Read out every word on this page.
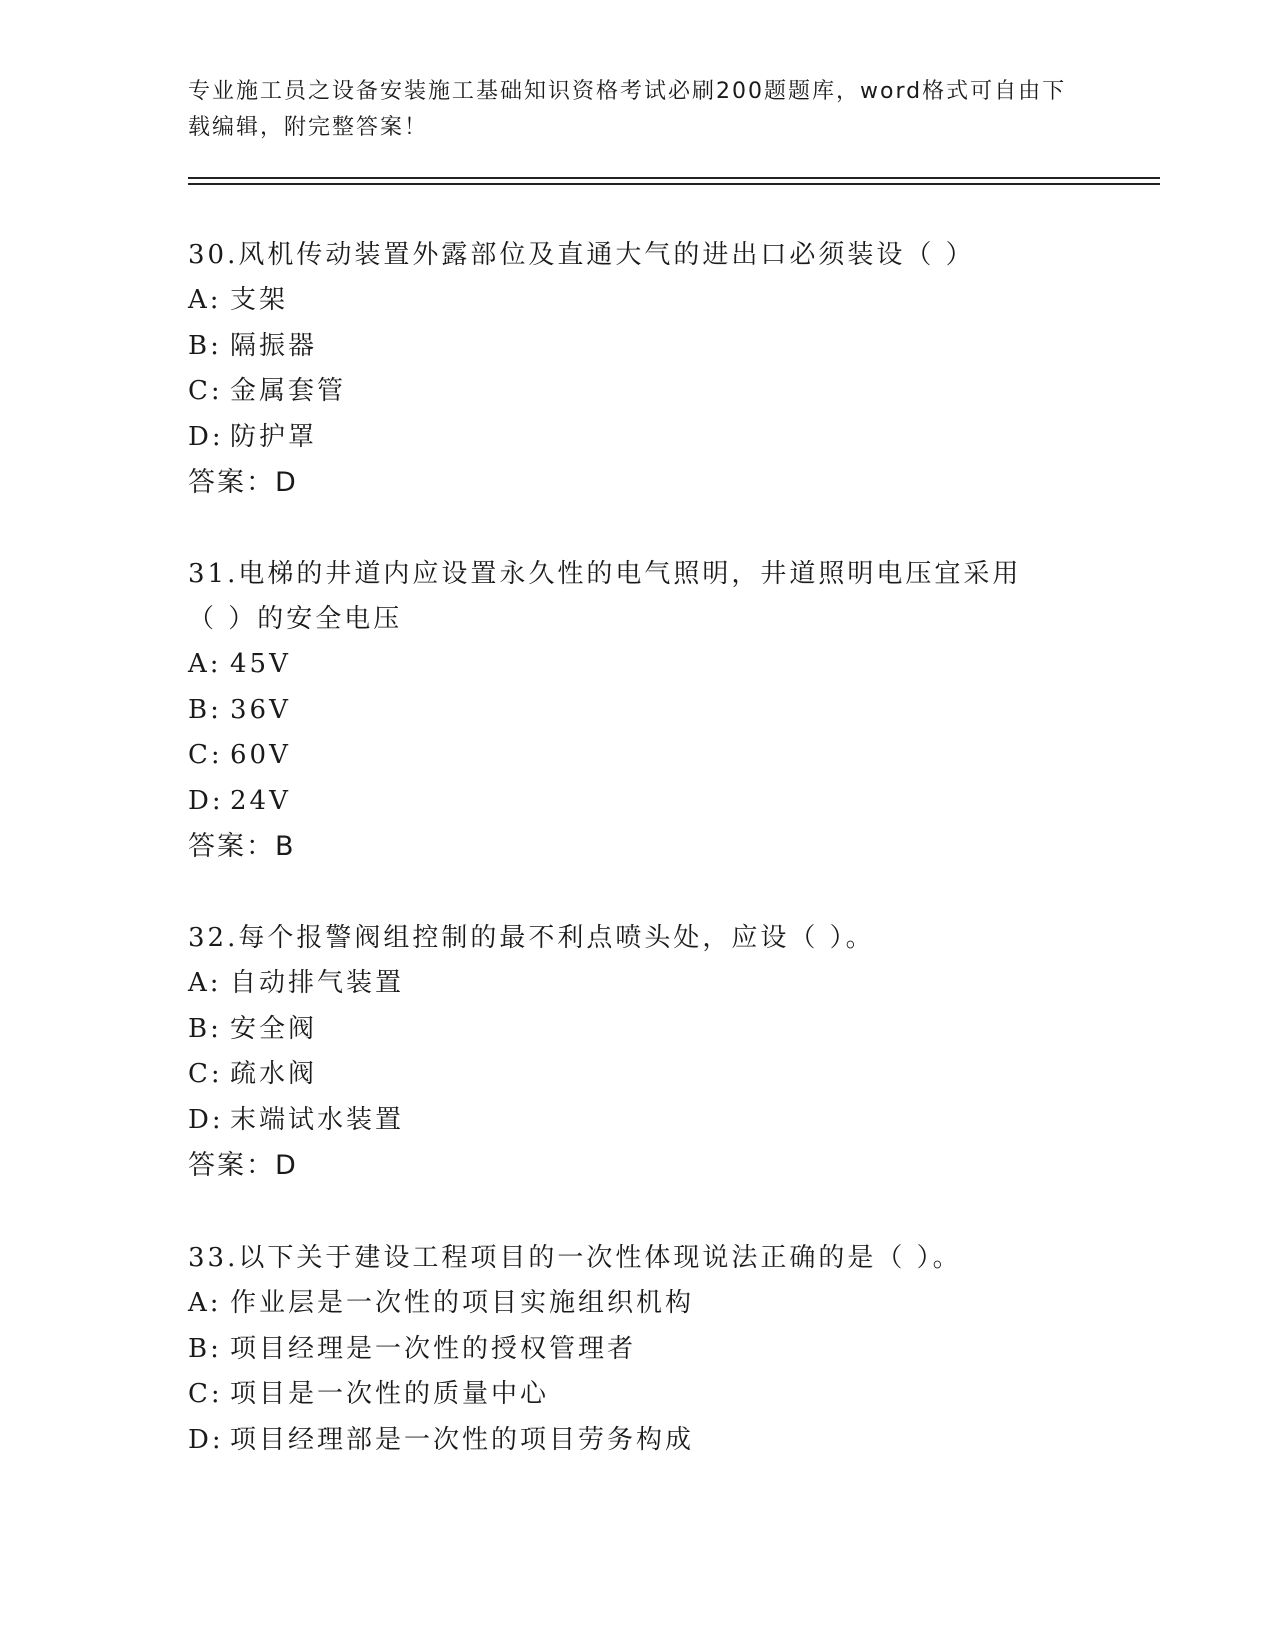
专业施工员之设备安装施工基础知识资格考试必刷200题题库，word格式可自由下载编辑，附完整答案！

30.风机传动装置外露部位及直通大气的进出口必须装设（ ）

A: 支架

B: 隔振器

C: 金属套管

D: 防护罩

答案：D

31.电梯的井道内应设置永久性的电气照明，井道照明电压宜采用（ ）的安全电压

A: 45V

B: 36V

C: 60V

D: 24V

答案：B

32.每个报警阀组控制的最不利点喷头处，应设（ ）。

A: 自动排气装置

B: 安全阀

C: 疏水阀

D: 末端试水装置

答案：D

33.以下关于建设工程项目的一次性体现说法正确的是（ ）。

A: 作业层是一次性的项目实施组织机构

B: 项目经理是一次性的授权管理者

C: 项目是一次性的质量中心

D: 项目经理部是一次性的项目劳务构成
